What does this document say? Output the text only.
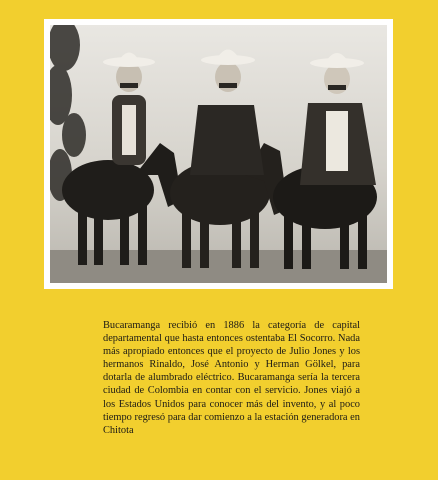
Bucaramanga recibió en 1886 la categoría de capital departamental que hasta entonces ostentaba El Socorro. Nada más apropiado entonces que el proyecto de Julio Jones y los hermanos Rinaldo, José Antonio y Herman Gölkel, para dotarla de alumbrado eléctrico. Bucaramanga sería la tercera ciudad de Colombia en contar con el servicio. Jones viajó a los Estados Unidos para conocer más del invento, y al poco tiempo regresó para dar comienzo a la estación generadora en Chitota
